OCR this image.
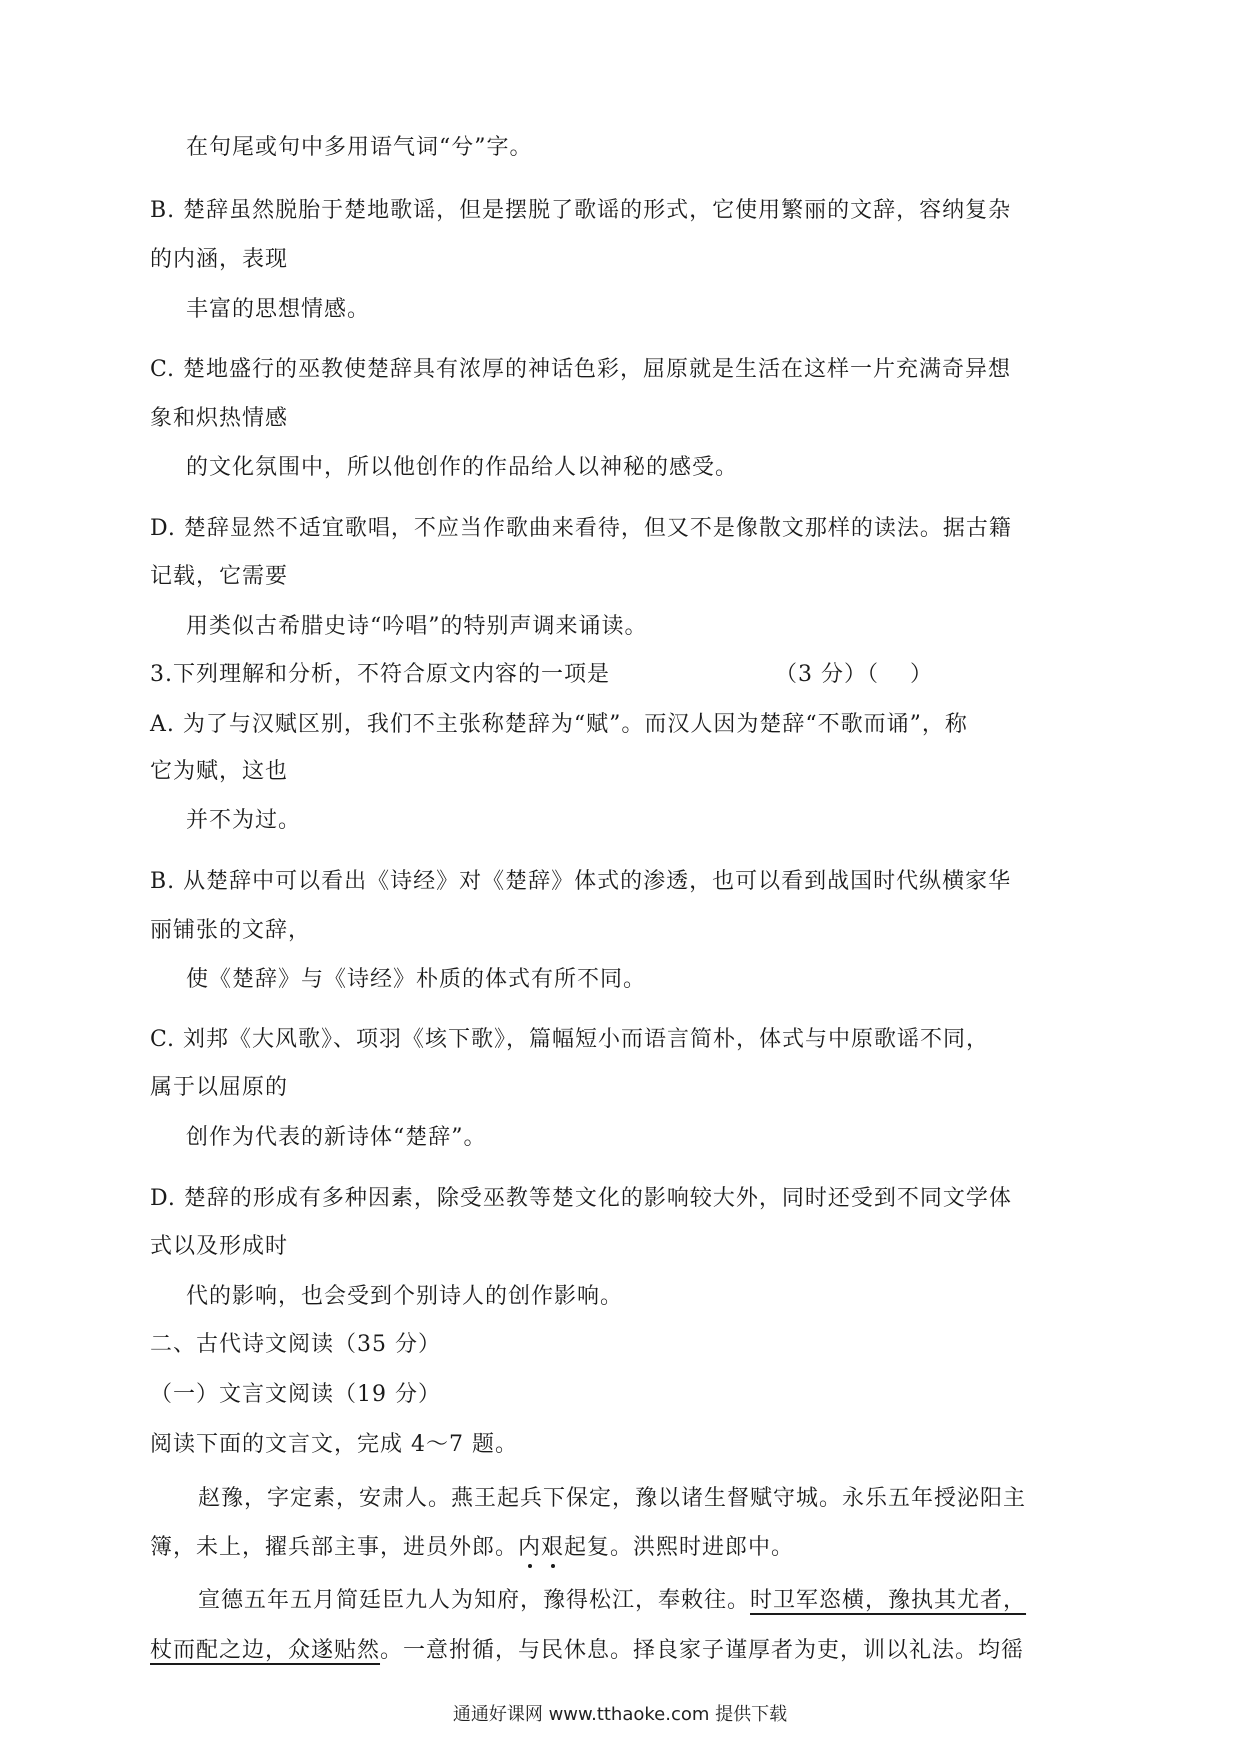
在句尾或句中多用语气词“兮”字。
B. 楚辞虽然脱胎于楚地歌谣，但是摆脱了歌谣的形式，它使用繁丽的文辞，容纳复杂
的内涵，表现
丰富的思想情感。
C. 楚地盛行的巫教使楚辞具有浓厚的神话色彩，屈原就是生活在这样一片充满奇异想
象和炽热情感
的文化氛围中，所以他创作的作品给人以神秘的感受。
D. 楚辞显然不适宜歌唱，不应当作歌曲来看待，但又不是像散文那样的读法。据古籍
记载，它需要
用类似古希腊史诗“吟唱”的特别声调来诵读。
3.下列理解和分析，不符合原文内容的一项是	（3 分）（　 ）
A. 为了与汉赋区别，我们不主张称楚辞为“赋”。而汉人因为楚辞“不歌而诵”，称
它为赋，这也
并不为过。
B. 从楚辞中可以看出《诗经》对《楚辞》体式的渗透，也可以看到战国时代纵横家华
丽铺张的文辞，
使《楚辞》与《诗经》朴质的体式有所不同。
C. 刘邦《大风歌》、项羽《垓下歌》，篇幅短小而语言简朴，体式与中原歌谣不同，
属于以屈原的
创作为代表的新诗体“楚辞”。
D. 楚辞的形成有多种因素，除受巫教等楚文化的影响较大外，同时还受到不同文学体
式以及形成时
代的影响，也会受到个别诗人的创作影响。
二、古代诗文阅读（35 分）
（一）文言文阅读（19 分）
阅读下面的文言文，完成 4～7 题。
赵豫，字定素，安肃人。燕王起兵下保定，豫以诸生督赋守城。永乐五年授泌阳主
簿，未上，擢兵部主事，进员外郎。内艰起复。洪熙时进郎中。
宣德五年五月简廷臣九人为知府，豫得松江，奉敕往。时卫军恣横，豫执其尤者，
杖而配之边，众遂贴然。一意拊循，与民休息。择良家子谨厚者为吏，训以礼法。均徭
通通好课网 www.tthaoke.com 提供下载
